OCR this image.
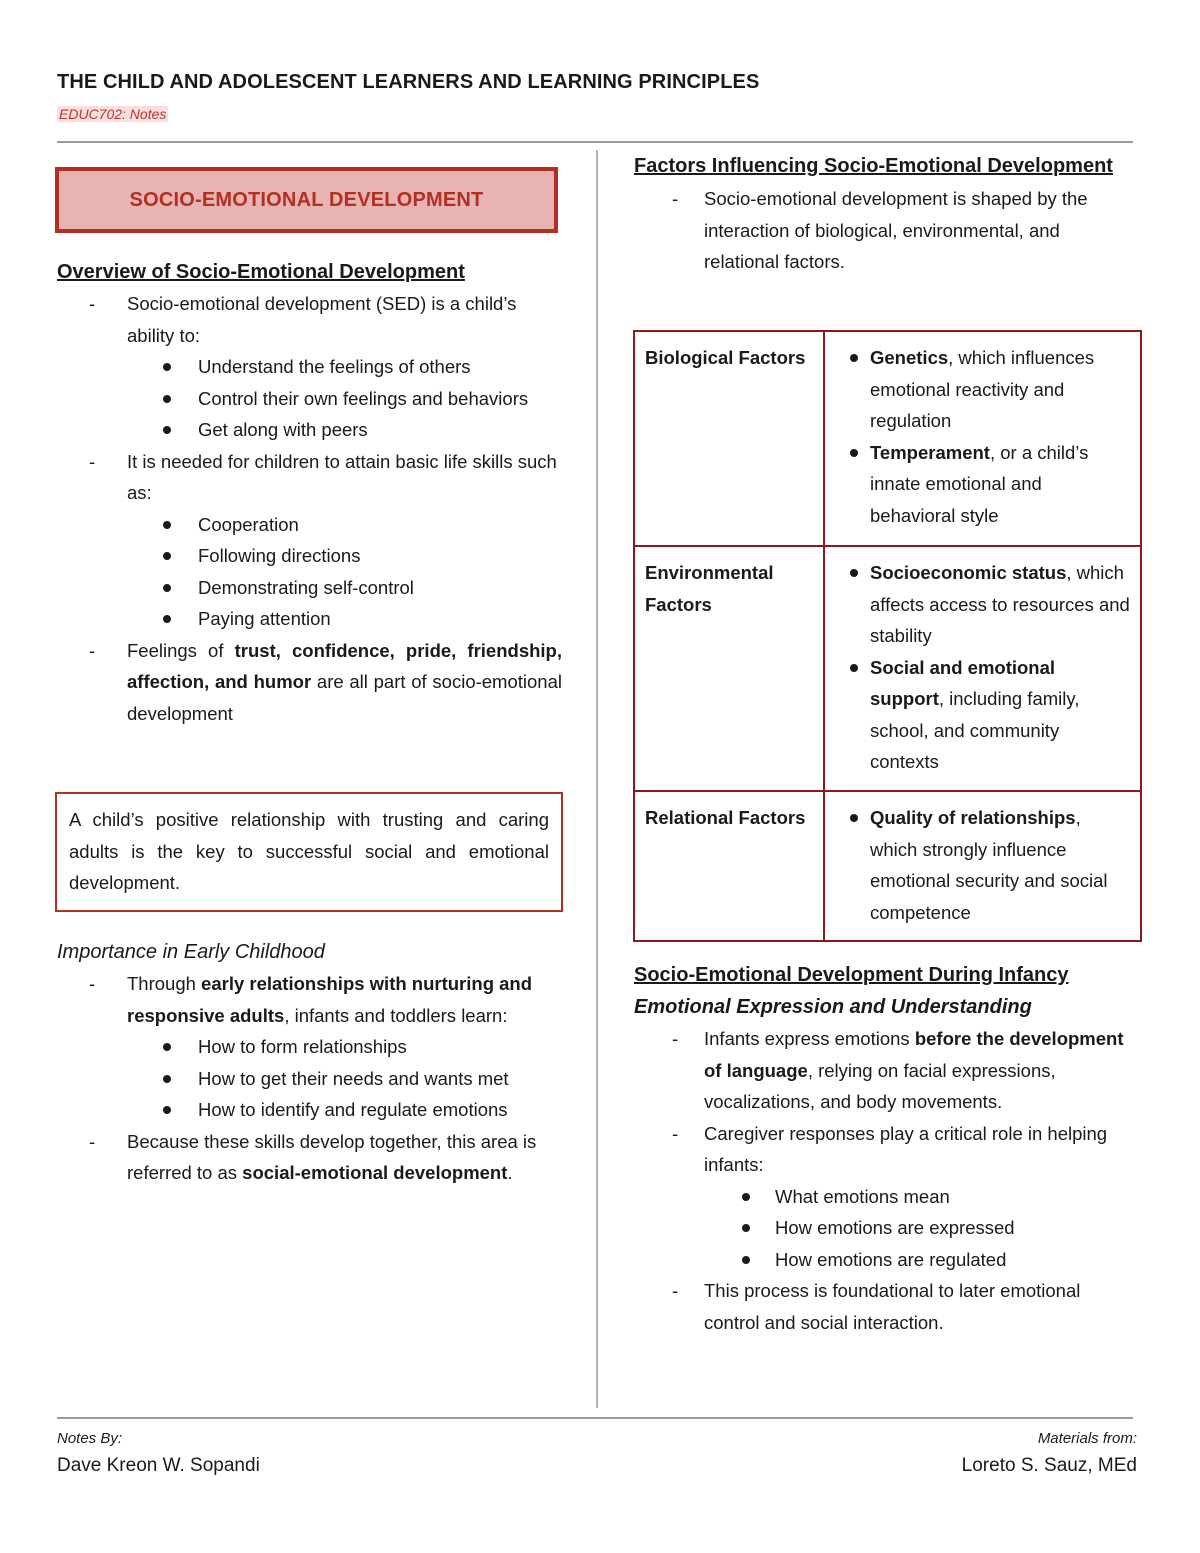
THE CHILD AND ADOLESCENT LEARNERS AND LEARNING PRINCIPLES
EDUC702: Notes
SOCIO-EMOTIONAL DEVELOPMENT
Overview of Socio-Emotional Development
- Socio-emotional development (SED) is a child’s ability to:
Understand the feelings of others
Control their own feelings and behaviors
Get along with peers
- It is needed for children to attain basic life skills such as:
Cooperation
Following directions
Demonstrating self-control
Paying attention
- Feelings of trust, confidence, pride, friendship, affection, and humor are all part of socio-emotional development
A child’s positive relationship with trusting and caring adults is the key to successful social and emotional development.
Importance in Early Childhood
- Through early relationships with nurturing and responsive adults, infants and toddlers learn:
How to form relationships
How to get their needs and wants met
How to identify and regulate emotions
- Because these skills develop together, this area is referred to as social-emotional development.
Factors Influencing Socio-Emotional Development
- Socio-emotional development is shaped by the interaction of biological, environmental, and relational factors.
Biological Factors	Genetics, which influences emotional reactivity and regulation
Temperament, or a child’s innate emotional and behavioral style

Environmental Factors	Socioeconomic status, which affects access to resources and stability
Social and emotional support, including family, school, and community contexts

Relational Factors	Quality of relationships, which strongly influence emotional security and social competence
Socio-Emotional Development During Infancy
Emotional Expression and Understanding
- Infants express emotions before the development of language, relying on facial expressions, vocalizations, and body movements.
- Caregiver responses play a critical role in helping infants:
What emotions mean
How emotions are expressed
How emotions are regulated
- This process is foundational to later emotional control and social interaction.
Notes By:
Dave Kreon W. Sopandi
Materials from:
Loreto S. Sauz, MEd
